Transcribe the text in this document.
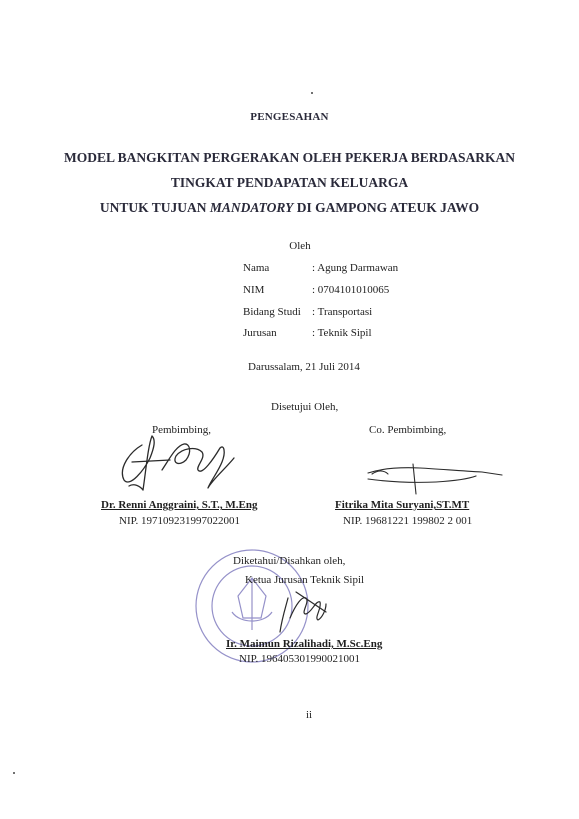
PENGESAHAN
MODEL BANGKITAN PERGERAKAN OLEH PEKERJA BERDASARKAN
TINGKAT PENDAPATAN KELUARGA
UNTUK TUJUAN MANDATORY DI GAMPONG ATEUK JAWO
Oleh
Nama	: Agung Darmawan
NIM	: 0704101010065
Bidang Studi : Transportasi
Jurusan	: Teknik Sipil
Darussalam, 21 Juli 2014
Disetujui Oleh,
Pembimbing,	Co. Pembimbing,
Dr. Renni Anggraini, S.T., M.Eng	Fitrika Mita Suryani,ST.MT
NIP. 197109231997022001	NIP. 19681221 199802 2 001
Diketahui/Disahkan oleh,
Ketua Jurusan Teknik Sipil
Ir. Maimun Rizalihadi, M.Sc.Eng
NIP. 196405301990021001
ii
